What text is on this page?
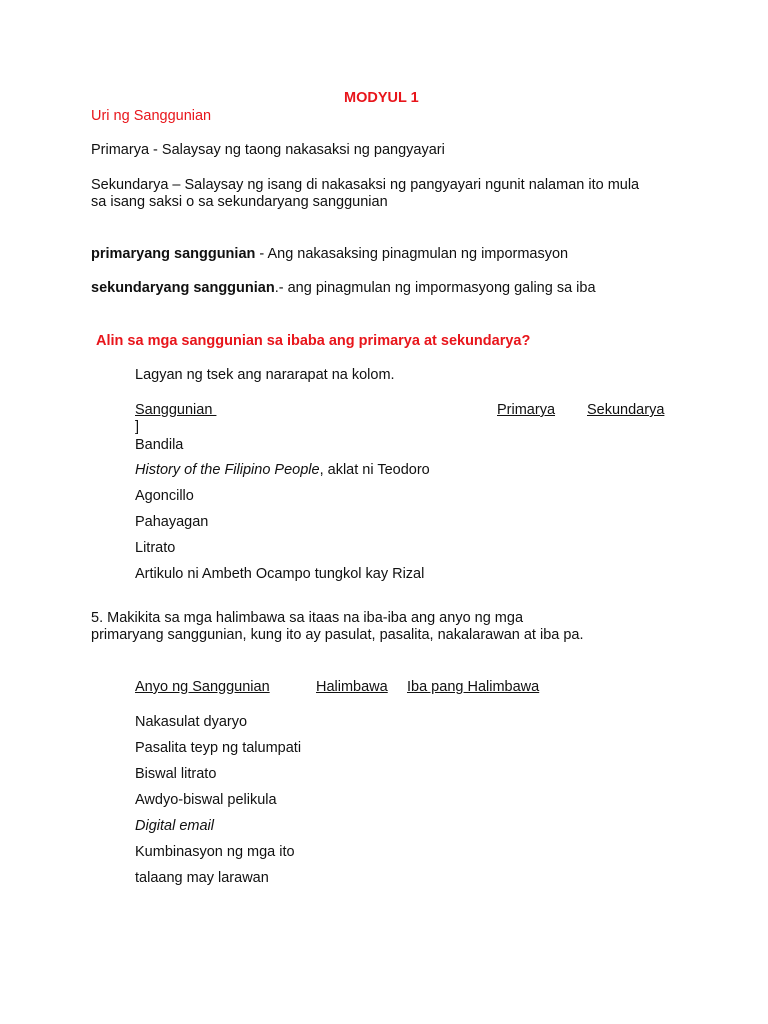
MODYUL 1
Uri ng Sanggunian
Primarya - Salaysay ng taong nakasaksi ng pangyayari
Sekundarya – Salaysay ng isang di nakasaksi ng pangyayari ngunit nalaman ito mula
sa isang saksi o sa sekundaryang sanggunian
primaryang sanggunian - Ang nakasaksing pinagmulan ng impormasyon
sekundaryang sanggunian.- ang pinagmulan ng impormasyong galing sa iba
Alin sa mga sanggunian sa ibaba ang primarya at sekundarya?
Lagyan ng tsek ang nararapat na kolom.
Sanggunian	Primarya Sekundarya
]
Bandila
History of the Filipino People, aklat ni Teodoro
Agoncillo
Pahayagan
Litrato
Artikulo ni Ambeth Ocampo tungkol kay Rizal
5. Makikita sa mga halimbawa sa itaas na iba-iba ang anyo ng mga
primaryang sanggunian, kung ito ay pasulat, pasalita, nakalarawan at iba pa.
Anyo ng Sanggunian	Halimbawa Iba pang Halimbawa
Nakasulat dyaryo
Pasalita teyp ng talumpati
Biswal litrato
Awdyo-biswal pelikula
Digital email
Kumbinasyon ng mga ito
talaang may larawan
